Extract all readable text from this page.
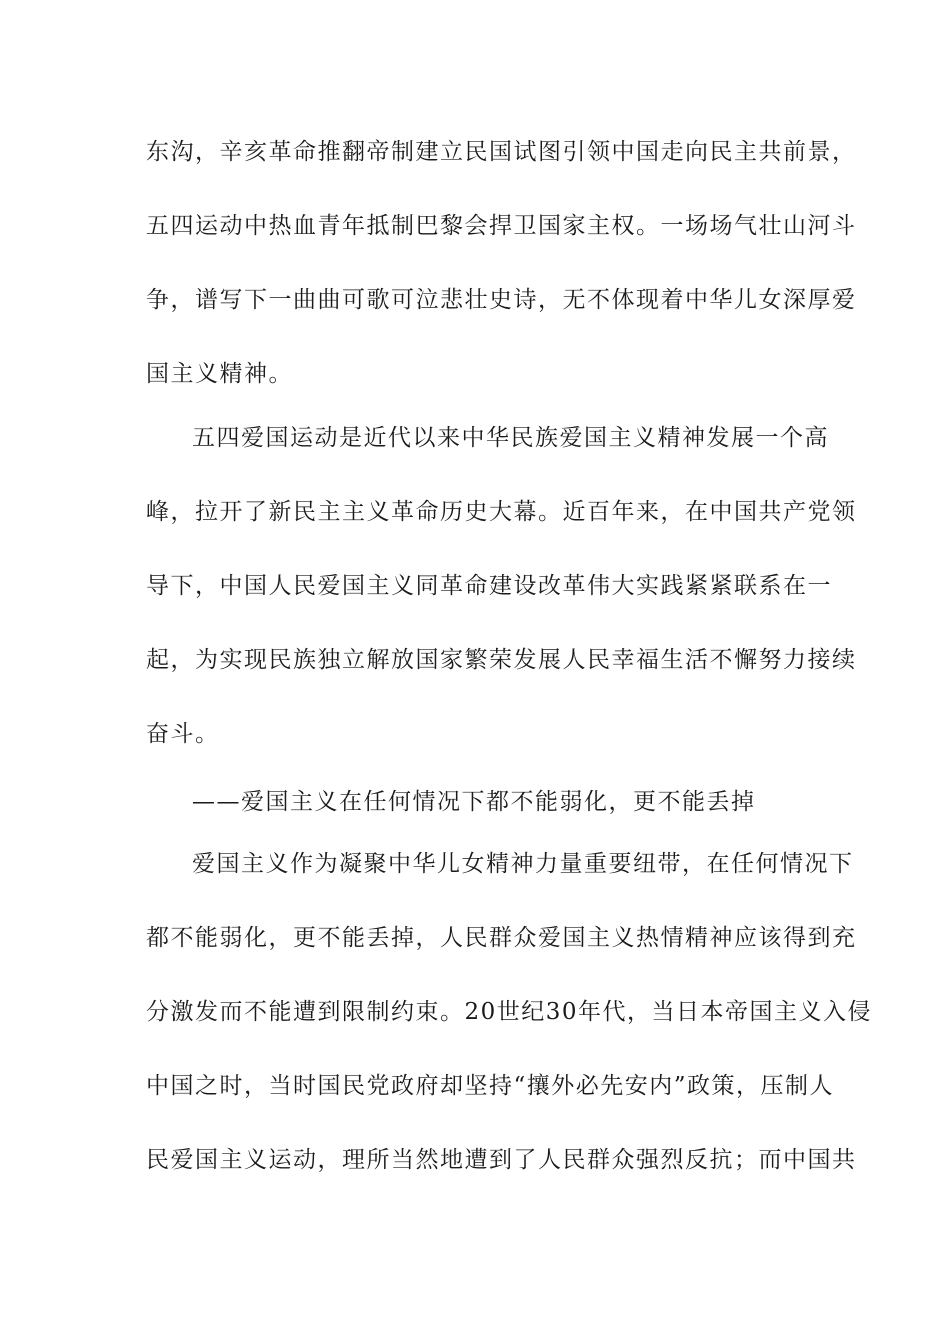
东沟，辛亥革命推翻帝制建立民国试图引领中国走向民主共前景，
五四运动中热血青年抵制巴黎会捍卫国家主权。一场场气壮山河斗
争，谱写下一曲曲可歌可泣悲壮史诗，无不体现着中华儿女深厚爱
国主义精神。
五四爱国运动是近代以来中华民族爱国主义精神发展一个高
峰，拉开了新民主主义革命历史大幕。近百年来，在中国共产党领
导下，中国人民爱国主义同革命建设改革伟大实践紧紧联系在一
起，为实现民族独立解放国家繁荣发展人民幸福生活不懈努力接续
奋斗。
——爱国主义在任何情况下都不能弱化，更不能丢掉
爱国主义作为凝聚中华儿女精神力量重要纽带，在任何情况下
都不能弱化，更不能丢掉，人民群众爱国主义热情精神应该得到充
分激发而不能遭到限制约束。20世纪30年代，当日本帝国主义入侵
中国之时，当时国民党政府却坚持“攘外必先安内”政策，压制人
民爱国主义运动，理所当然地遭到了人民群众强烈反抗；而中国共
